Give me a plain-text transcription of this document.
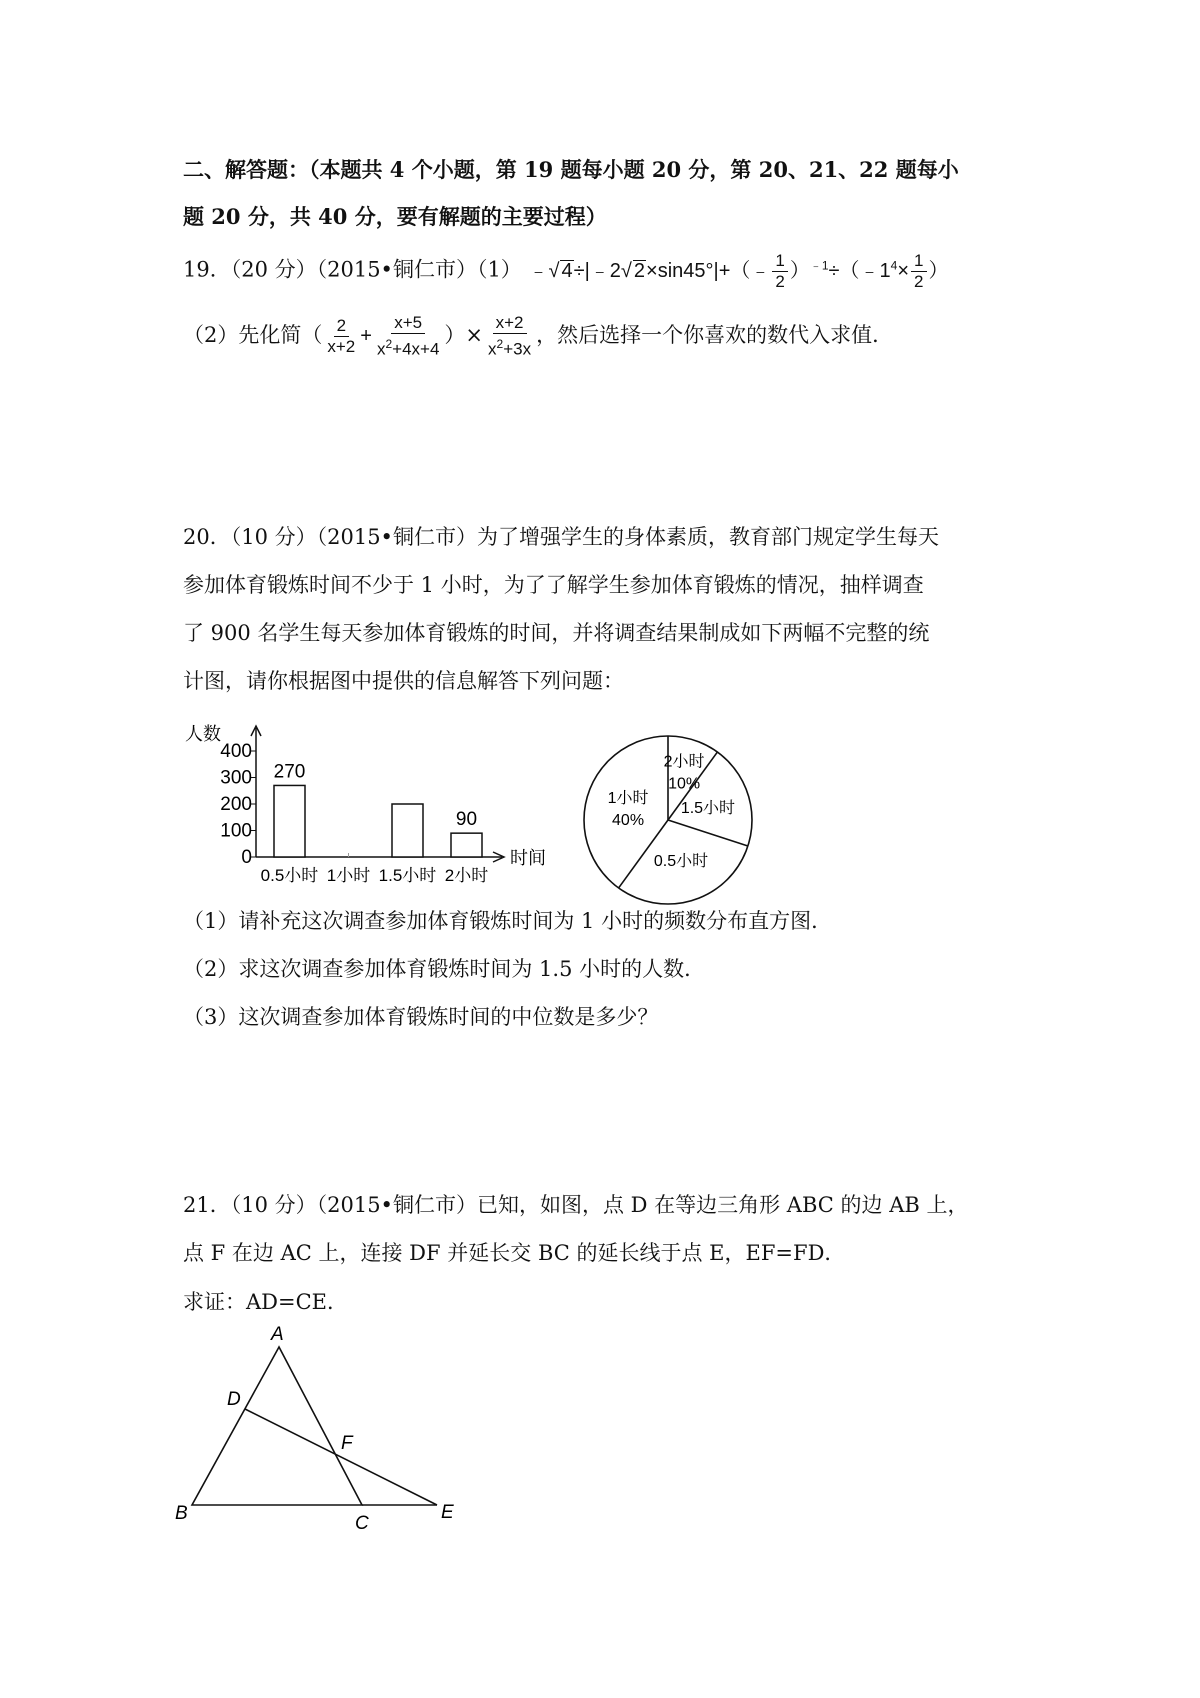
二、解答题：（本题共 4 个小题，第 19 题每小题 20 分，第 20、21、22 题每小
题 20 分，共 40 分，要有解题的主要过程）
19．（20 分）（2015•铜仁市）（1） ﹣√ 4÷|﹣2√ 2×sin45°|+（﹣ $\frac{1}{2}$ ）$^{﹣1}\div(﹣1^4\times \frac{1}{2}$ ）
（2）先化简（ $\frac{2}{x+2} + \frac{x+5}{x^2+4x+4}$ ）× $\frac{x+2}{x^2+3x}$ ，然后选择一个你喜欢的数代入求值．
20．（10 分）（2015•铜仁市）为了增强学生的身体素质，教育部门规定学生每天
参加体育锻炼时间不少于 1 小时，为了了解学生参加体育锻炼的情况，抽样调查
了 900 名学生每天参加体育锻炼的时间，并将调查结果制成如下两幅不完整的统
计图，请你根据图中提供的信息解答下列问题：
人数
时间
0
100
200
300
400
270
90
0.5小时 1小时 1.5小时 2小时
1小时
40%
0.5小时
1.5小时
2小时
10%
（1）请补充这次调查参加体育锻炼时间为 1 小时的频数分布直方图．
（2）求这次调查参加体育锻炼时间为 1.5 小时的人数．
（3）这次调查参加体育锻炼时间的中位数是多少？
21．（10 分）（2015•铜仁市）已知，如图，点 D 在等边三角形 ABC 的边 AB 上，
点 F 在边 AC 上，连接 DF 并延长交 BC 的延长线于点 E，EF=FD．
求证：AD=CE．
A
D
F
B	C
E
